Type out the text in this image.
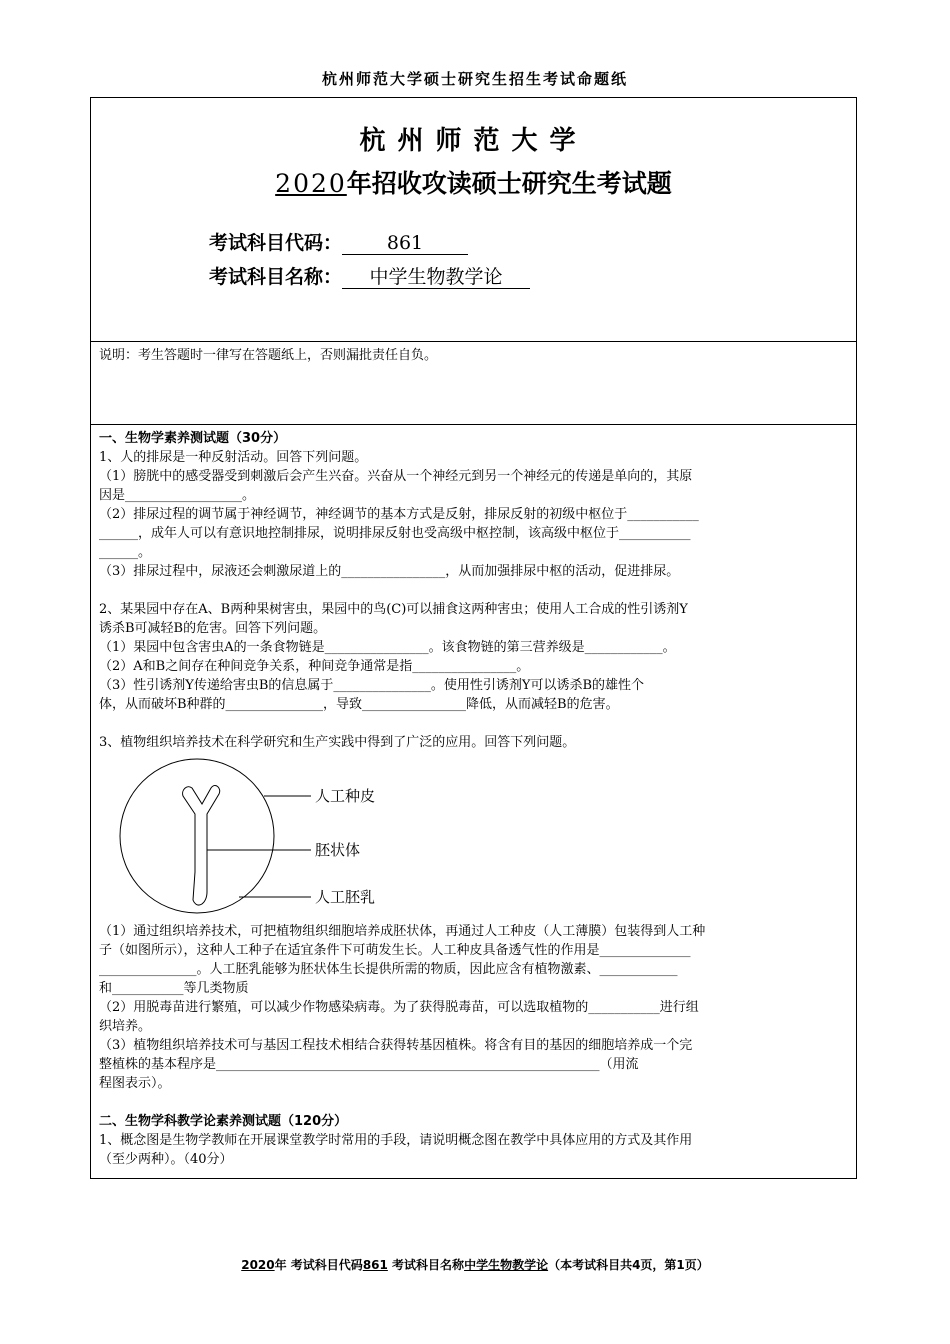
杭州师范大学硕士研究生招生考试命题纸
杭州师范大学
2020年招收攻读硕士研究生考试题
考试科目代码： 861
考试科目名称： 中学生物教学论
说明：考生答题时一律写在答题纸上，否则漏批责任自负。

一、生物学素养测试题（30分）

1、人的排尿是一种反射活动。回答下列问题。

（1）膀胱中的感受器受到刺激后会产生兴奋。兴奋从一个神经元到另一个神经元的传递是单向的，其原

因是__________________。

（2）排尿过程的调节属于神经调节，神经调节的基本方式是反射，排尿反射的初级中枢位于___________

______，成年人可以有意识地控制排尿，说明排尿反射也受高级中枢控制，该高级中枢位于___________

______。

（3）排尿过程中，尿液还会刺激尿道上的________________，从而加强排尿中枢的活动，促进排尿。

2、某果园中存在A、B两种果树害虫，果园中的鸟(C)可以捕食这两种害虫；使用人工合成的性引诱剂Y

诱杀B可减轻B的危害。回答下列问题。

（1）果园中包含害虫A的一条食物链是________________。该食物链的第三营养级是____________。

（2）A和B之间存在种间竞争关系，种间竞争通常是指________________。

（3）性引诱剂Y传递给害虫B的信息属于_______________。使用性引诱剂Y可以诱杀B的雄性个

体，从而破坏B种群的_______________，导致________________降低，从而减轻B的危害。

3、植物组织培养技术在科学研究和生产实践中得到了广泛的应用。回答下列问题。

人工种皮
胚状体
人工胚乳

（1）通过组织培养技术，可把植物组织细胞培养成胚状体，再通过人工种皮（人工薄膜）包装得到人工种

子（如图所示），这种人工种子在适宜条件下可萌发生长。人工种皮具备透气性的作用是______________

_______________。人工胚乳能够为胚状体生长提供所需的物质，因此应含有植物激素、____________

和___________等几类物质

（2）用脱毒苗进行繁殖，可以减少作物感染病毒。为了获得脱毒苗，可以选取植物的___________进行组

织培养。

（3）植物组织培养技术可与基因工程技术相结合获得转基因植株。将含有目的基因的细胞培养成一个完

整植株的基本程序是___________________________________________________________（用流

程图表示）。

二、生物学科教学论素养测试题（120分）

1、概念图是生物学教师在开展课堂教学时常用的手段，请说明概念图在教学中具体应用的方式及其作用

（至少两种）。（40分）

2020年 考试科目代码861 考试科目名称中学生物教学论（本考试科目共4页，第1页）
